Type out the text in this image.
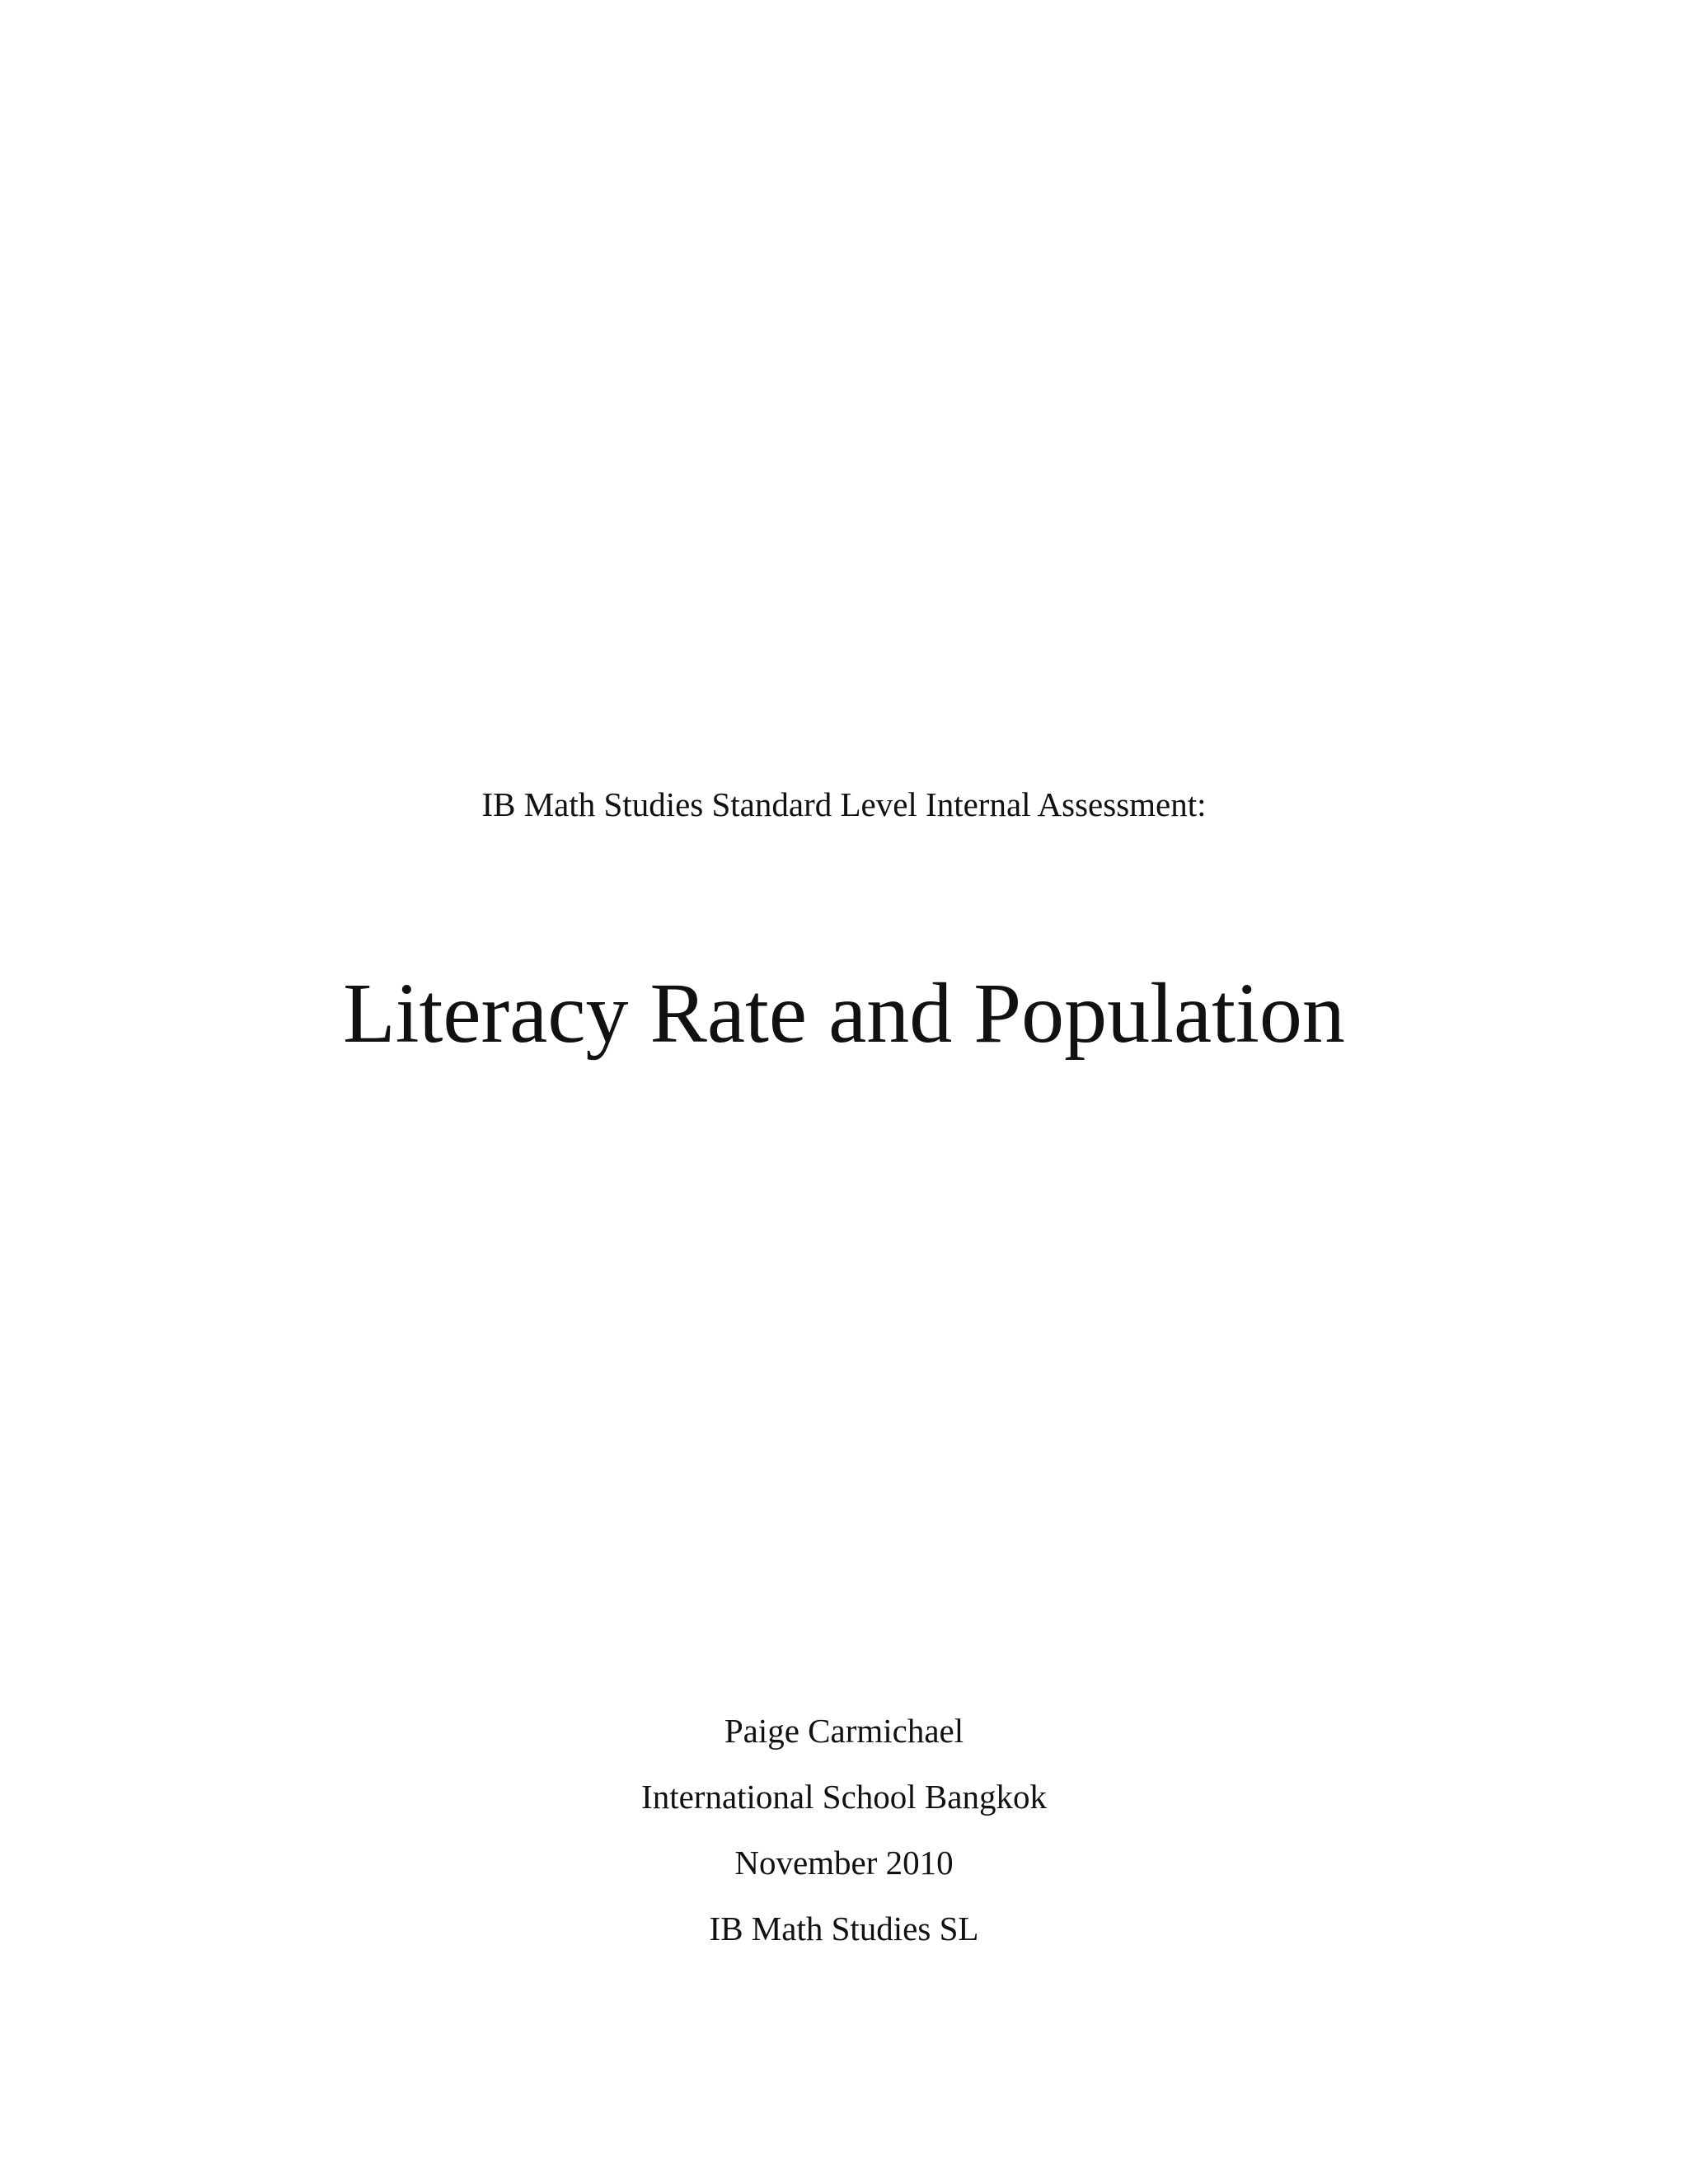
IB Math Studies Standard Level Internal Assessment:
Literacy Rate and Population
Paige Carmichael
International School Bangkok
November 2010
IB Math Studies SL
